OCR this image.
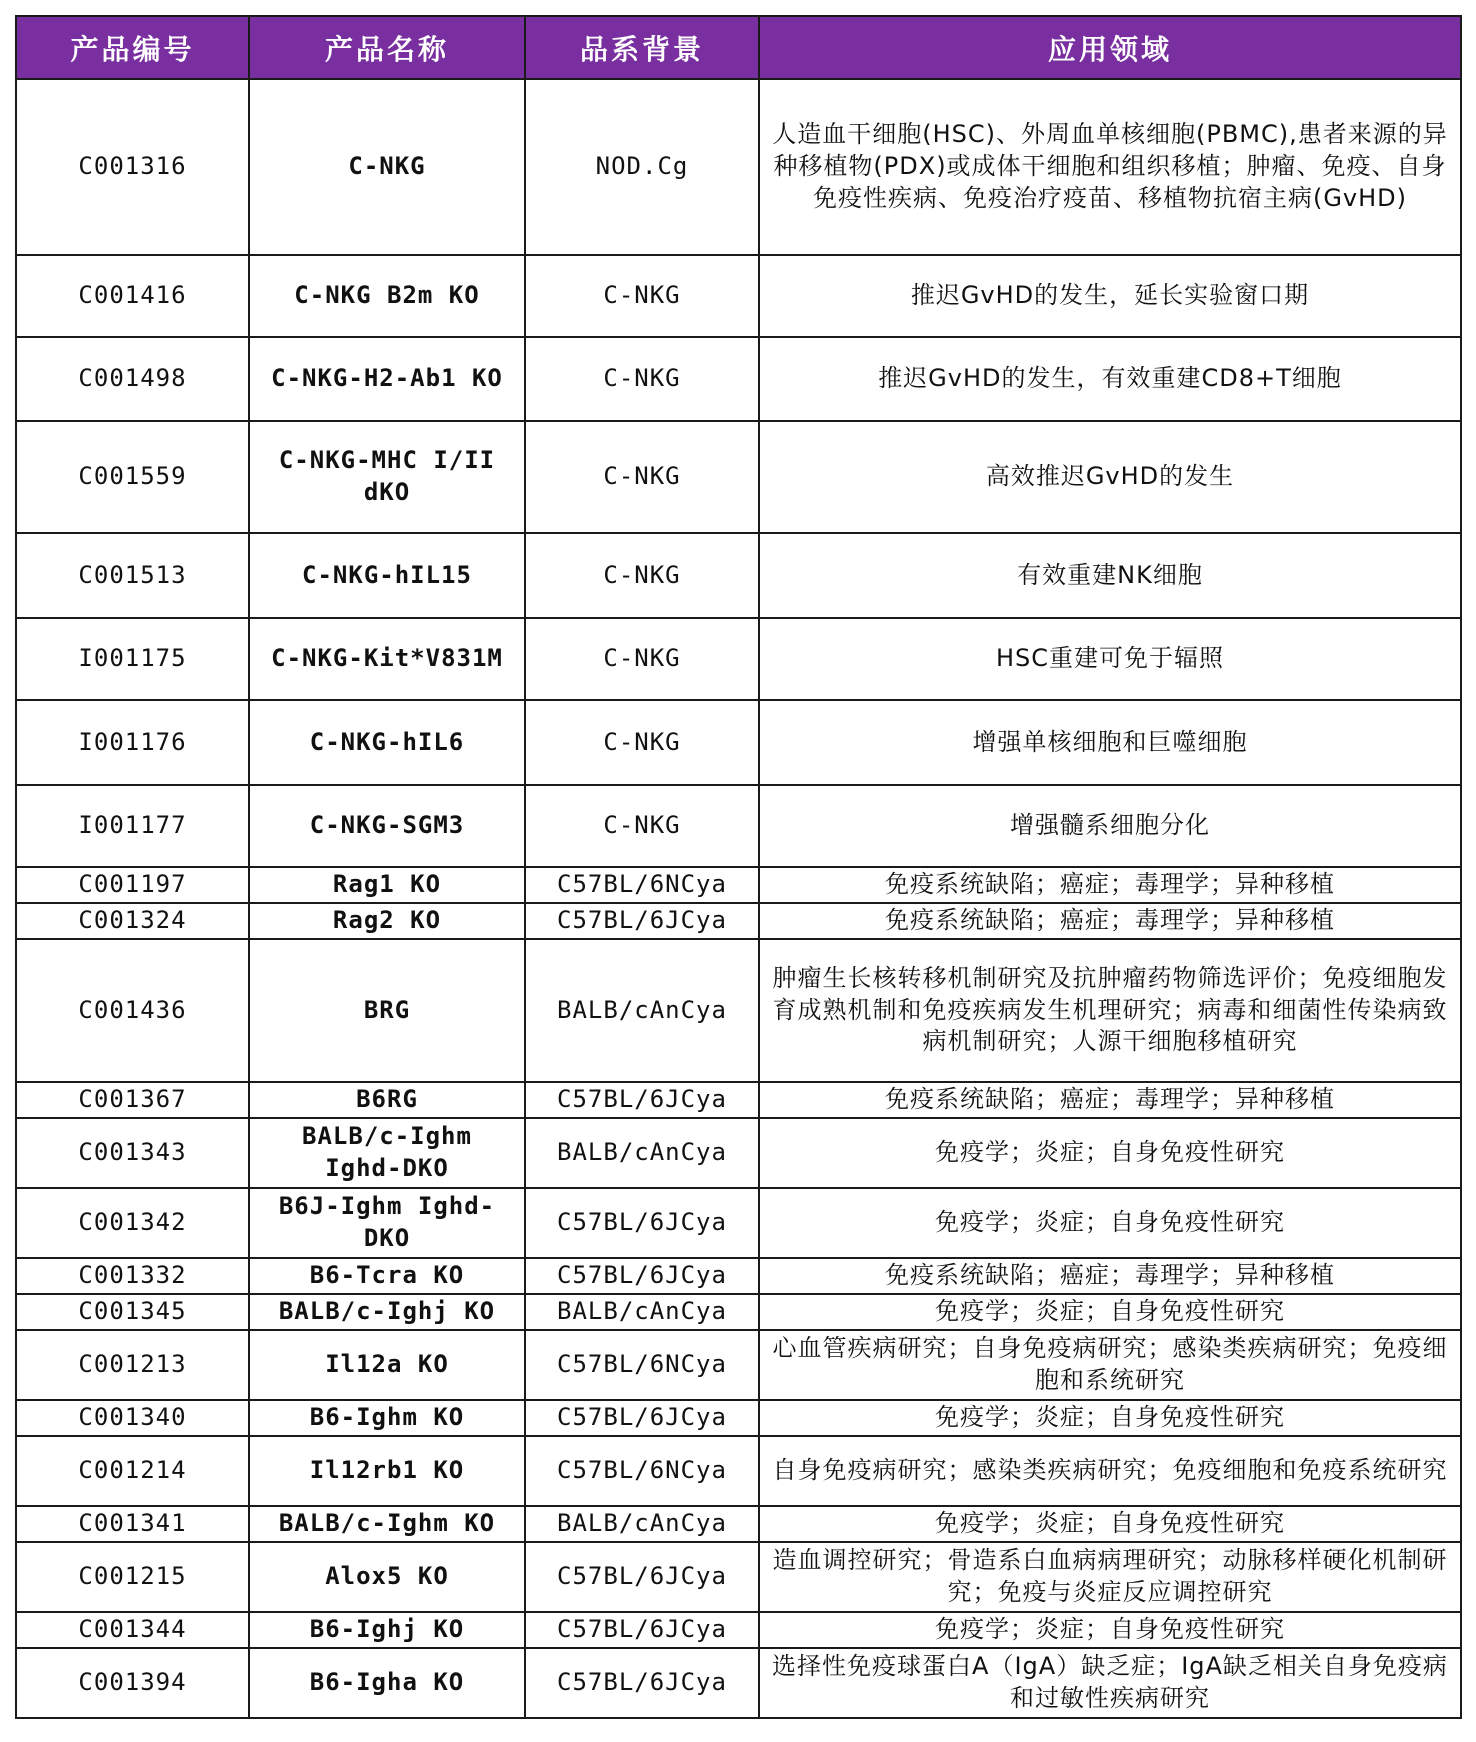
产品编号	产品名称	品系背景	应用领域
C001316	C-NKG	NOD.Cg	人造血干细胞(HSC)、外周血单核细胞(PBMC),患者来源的异种移植物(PDX)或成体干细胞和组织移植；肿瘤、免疫、自身免疫性疾病、免疫治疗疫苗、移植物抗宿主病(GvHD)
C001416	C-NKG B2m KO	C-NKG	推迟GvHD的发生，延长实验窗口期
C001498	C-NKG-H2-Ab1 KO	C-NKG	推迟GvHD的发生，有效重建CD8+T细胞
C001559	C-NKG-MHC I/II dKO	C-NKG	高效推迟GvHD的发生
C001513	C-NKG-hIL15	C-NKG	有效重建NK细胞
I001175	C-NKG-Kit*V831M	C-NKG	HSC重建可免于辐照
I001176	C-NKG-hIL6	C-NKG	增强单核细胞和巨噬细胞
I001177	C-NKG-SGM3	C-NKG	增强髓系细胞分化
C001197	Rag1 KO	C57BL/6NCya	免疫系统缺陷；癌症；毒理学；异种移植
C001324	Rag2 KO	C57BL/6JCya	免疫系统缺陷；癌症；毒理学；异种移植
C001436	BRG	BALB/cAnCya	肿瘤生长核转移机制研究及抗肿瘤药物筛选评价；免疫细胞发育成熟机制和免疫疾病发生机理研究；病毒和细菌性传染病致病机制研究；人源干细胞移植研究
C001367	B6RG	C57BL/6JCya	免疫系统缺陷；癌症；毒理学；异种移植
C001343	BALB/c-Ighm Ighd-DKO	BALB/cAnCya	免疫学；炎症；自身免疫性研究
C001342	B6J-Ighm Ighd-DKO	C57BL/6JCya	免疫学；炎症；自身免疫性研究
C001332	B6-Tcra KO	C57BL/6JCya	免疫系统缺陷；癌症；毒理学；异种移植
C001345	BALB/c-Ighj KO	BALB/cAnCya	免疫学；炎症；自身免疫性研究
C001213	Il12a KO	C57BL/6NCya	心血管疾病研究；自身免疫病研究；感染类疾病研究；免疫细胞和系统研究
C001340	B6-Ighm KO	C57BL/6JCya	免疫学；炎症；自身免疫性研究
C001214	Il12rb1 KO	C57BL/6NCya	自身免疫病研究；感染类疾病研究；免疫细胞和免疫系统研究
C001341	BALB/c-Ighm KO	BALB/cAnCya	免疫学；炎症；自身免疫性研究
C001215	Alox5 KO	C57BL/6JCya	造血调控研究；骨造系白血病病理研究；动脉移样硬化机制研究；免疫与炎症反应调控研究
C001344	B6-Ighj KO	C57BL/6JCya	免疫学；炎症；自身免疫性研究
C001394	B6-Igha KO	C57BL/6JCya	选择性免疫球蛋白A（IgA）缺乏症；IgA缺乏相关自身免疫病和过敏性疾病研究
